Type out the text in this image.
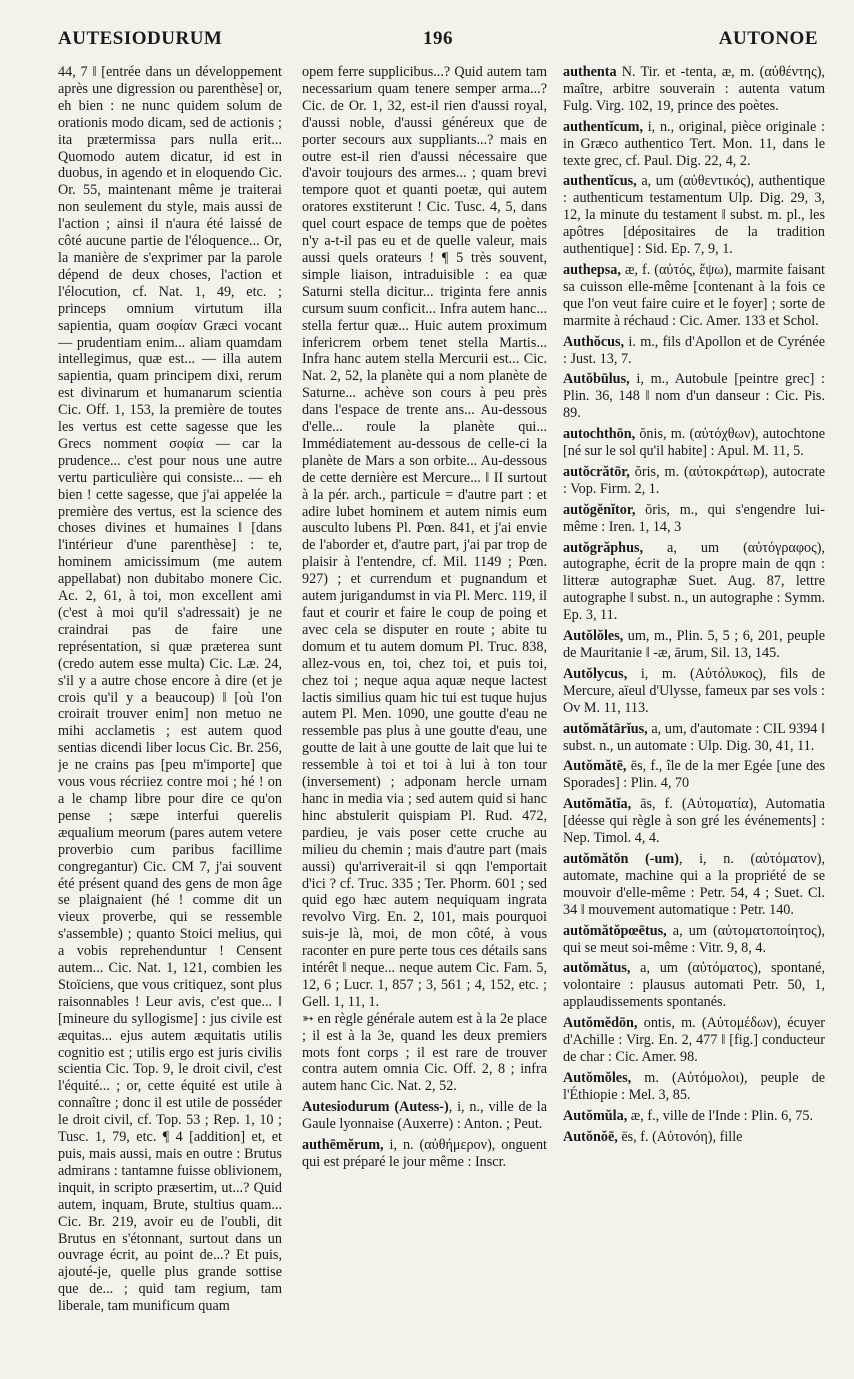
AUTESIODURUM	196	AUTONOE

44, 7 ‖ [entrée dans un développement après une digression ou parenthèse] or, eh bien : ne nunc quidem solum de orationis modo dicam, sed de actionis ; ita prætermissa pars nulla erit... Quomodo autem dicatur, id est in duobus, in agendo et in eloquendo Cic. Or. 55, maintenant même je traiterai non seulement du style, mais aussi de l'action ; ainsi il n'aura été laissé de côté aucune partie de l'éloquence... Or, la manière de s'exprimer par la parole dépend de deux choses, l'action et l'élocution, cf. Nat. 1, 49, etc. ; princeps omnium virtutum illa sapientia, quam σοφίαν Græci vocant — prudentiam enim... aliam quamdam intellegimus, quæ est... — illa autem sapientia, quam principem dixi, rerum est divinarum et humanarum scientia Cic. Off. 1, 153, la première de toutes les vertus est cette sagesse que les Grecs nomment σοφία — car la prudence... c'est pour nous une autre vertu particulière qui consiste... — eh bien ! cette sagesse, que j'ai appelée la première des vertus, est la science des choses divines et humaines ‖ [dans l'intérieur d'une parenthèse] : te, hominem amicissimum (me autem appellabat) non dubitabo monere Cic. Ac. 2, 61, à toi, mon excellent ami (c'est à moi qu'il s'adressait) je ne craindrai pas de faire une représentation, si quæ præterea sunt (credo autem esse multa) Cic. Læ. 24, s'il y a autre chose encore à dire (et je crois qu'il y a beaucoup) ‖ [où l'on croirait trouver enim] non metuo ne mihi acclametis ; est autem quod sentias dicendi liber locus Cic. Br. 256, je ne crains pas [peu m'importe] que vous vous récriiez contre moi ; hé ! on a le champ libre pour dire ce qu'on pense ; sæpe interfui querelis æqualium meorum (pares autem vetere proverbio cum paribus facillime congregantur) Cic. CM 7, j'ai souvent été présent quand des gens de mon âge se plaignaient (hé ! comme dit un vieux proverbe, qui se ressemble s'assemble) ; quanto Stoici melius, qui a vobis reprehenduntur ! Censent autem... Cic. Nat. 1, 121, combien les Stoïciens, que vous critiquez, sont plus raisonnables ! Leur avis, c'est que... ‖ [mineure du syllogisme] : jus civile est æquitas... ejus autem æquitatis utilis cognitio est ; utilis ergo est juris civilis scientia Cic. Top. 9, le droit civil, c'est l'équité... ; or, cette équité est utile à connaître ; donc il est utile de posséder le droit civil, cf. Top. 53 ; Rep. 1, 10 ; Tusc. 1, 79, etc. ¶ 4 [addition] et, et puis, mais aussi, mais en outre : Brutus admirans : tantamne fuisse oblivionem, inquit, in scripto præsertim, ut...? Quid autem, inquam, Brute, stultius quam... Cic. Br. 219, avoir eu de l'oubli, dit Brutus en s'étonnant, surtout dans un ouvrage écrit, au point de...? Et puis, ajouté-je, quelle plus grande sottise que de... ; quid tam regium, tam liberale, tam munificum quam

opem ferre supplicibus...? Quid autem tam necessarium quam tenere semper arma...? Cic. de Or. 1, 32, est-il rien d'aussi royal, d'aussi noble, d'aussi généreux que de porter secours aux suppliants...? mais en outre est-il rien d'aussi nécessaire que d'avoir toujours des armes... ; quam brevi tempore quot et quanti poetæ, qui autem oratores exstiterunt ! Cic. Tusc. 4, 5, dans quel court espace de temps que de poètes n'y a-t-il pas eu et de quelle valeur, mais aussi quels orateurs ! ¶ 5 très souvent, simple liaison, intraduisible : ea quæ Saturni stella dicitur... triginta fere annis cursum suum conficit... Infra autem hanc... stella fertur quæ... Huic autem proximum infericrem orbem tenet stella Martis... Infra hanc autem stella Mercurii est... Cic. Nat. 2, 52, la planète qui a nom planète de Saturne... achève son cours à peu près dans l'espace de trente ans... Au-dessous d'elle... roule la planète qui... Immédiatement au-dessous de celle-ci la planète de Mars a son orbite... Au-dessous de cette dernière est Mercure... ‖ II surtout à la pér. arch., particule = d'autre part : et adire lubet hominem et autem nimis eum ausculto lubens Pl. Pœn. 841, et j'ai envie de l'aborder et, d'autre part, j'ai par trop de plaisir à l'entendre, cf. Mil. 1149 ; Pœn. 927) ; et currendum et pugnandum et autem jurigandumst in via Pl. Merc. 119, il faut et courir et faire le coup de poing et avec cela se disputer en route ; abite tu domum et tu autem domum Pl. Truc. 838, allez-vous en, toi, chez toi, et puis toi, chez toi ; neque aqua aquæ neque lactest lactis similius quam hic tui est tuque hujus autem Pl. Men. 1090, une goutte d'eau ne ressemble pas plus à une goutte d'eau, une goutte de lait à une goutte de lait que lui te ressemble à toi et toi à lui à ton tour (inversement) ; adponam hercle urnam hanc in media via ; sed autem quid si hanc hinc abstulerit quispiam Pl. Rud. 472, pardieu, je vais poser cette cruche au milieu du chemin ; mais d'autre part (mais aussi) qu'arriverait-il si qqn l'emportait d'ici ? cf. Truc. 335 ; Ter. Phorm. 601 ; sed quid ego hæc autem nequiquam ingrata revolvo Virg. En. 2, 101, mais pourquoi suis-je là, moi, de mon côté, à vous raconter en pure perte tous ces détails sans intérêt ‖ neque... neque autem Cic. Fam. 5, 12, 6 ; Lucr. 1, 857 ; 3, 561 ; 4, 152, etc. ; Gell. 1, 11, 1.

➳ en règle générale autem est à la 2e place ; il est à la 3e, quand les deux premiers mots font corps ; il est rare de trouver contra autem omnia Cic. Off. 2, 8 ; infra autem hanc Cic. Nat. 2, 52.

Autesiodurum (Autess-), i, n., ville de la Gaule lyonnaise (Auxerre) : Anton. ; Peut.

authēmĕrum, i, n. (αὐθήμερον), onguent qui est préparé le jour même : Inscr.

authenta N. Tir. et -tenta, æ, m. (αὐθέντης), maître, arbitre souverain : autenta vatum Fulg. Virg. 102, 19, prince des poètes.

authentĭcum, i, n., original, pièce originale : in Græco authentico Tert. Mon. 11, dans le texte grec, cf. Paul. Dig. 22, 4, 2.

authentĭcus, a, um (αὐθεντικός), authentique : authenticum testamentum Ulp. Dig. 29, 3, 12, la minute du testament ‖ subst. m. pl., les apôtres [dépositaires de la tradition authentique] : Sid. Ep. 7, 9, 1.

authepsa, æ, f. (αὐτός, ἕψω), marmite faisant sa cuisson elle-même [contenant à la fois ce que l'on veut faire cuire et le foyer] ; sorte de marmite à réchaud : Cic. Amer. 133 et Schol.

Authŏcus, i. m., fils d'Apollon et de Cyrénée : Just. 13, 7.

Autŏbūlus, i, m., Autobule [peintre grec] : Plin. 36, 148 ‖ nom d'un danseur : Cic. Pis. 89.

autochthōn, ŏnis, m. (αὐτόχθων), autochtone [né sur le sol qu'il habite] : Apul. M. 11, 5.

autŏcrătōr, ŏris, m. (αὐτοκράτωρ), autocrate : Vop. Firm. 2, 1.

autŏgĕnĭtor, ŏris, m., qui s'engendre lui-même : Iren. 1, 14, 3

autŏgrăphus, a, um (αὐτόγραφος), autographe, écrit de la propre main de qqn : litteræ autographæ Suet. Aug. 87, lettre autographe ‖ subst. n., un autographe : Symm. Ep. 3, 11.

Autŏlŏles, um, m., Plin. 5, 5 ; 6, 201, peuple de Mauritanie ‖ -æ, ārum, Sil. 13, 145.

Autŏlycus, i, m. (Αὐτόλυκος), fils de Mercure, aïeul d'Ulysse, fameux par ses vols : Ov M. 11, 113.

autŏmătārĭus, a, um, d'automate : CIL 9394 ‖ subst. n., un automate : Ulp. Dig. 30, 41, 11.

Autŏmătē, ēs, f., île de la mer Egée [une des Sporades] : Plin. 4, 70

Autŏmătĭa, ās, f. (Αὐτοματία), Automatia [déesse qui règle à son gré les événements] : Nep. Timol. 4, 4.

autŏmătŏn (-um), i, n. (αὐτόματον), automate, machine qui a la propriété de se mouvoir d'elle-même : Petr. 54, 4 ; Suet. Cl. 34 ‖ mouvement automatique : Petr. 140.

autŏmătŏpœētus, a, um (αὐτοματοποίητος), qui se meut soi-même : Vitr. 9, 8, 4.

autŏmătus, a, um (αὐτόματος), spontané, volontaire : plausus automati Petr. 50, 1, applaudissements spontanés.

Autŏmĕdōn, ontis, m. (Αὐτομέδων), écuyer d'Achille : Virg. En. 2, 477 ‖ [fig.] conducteur de char : Cic. Amer. 98.

Autŏmŏles, m. (Αὐτόμολοι), peuple de l'Éthiopie : Mel. 3, 85.

Autŏmŭla, æ, f., ville de l'Inde : Plin. 6, 75.

Autŏnŏē, ēs, f. (Αὐτονόη), fille
